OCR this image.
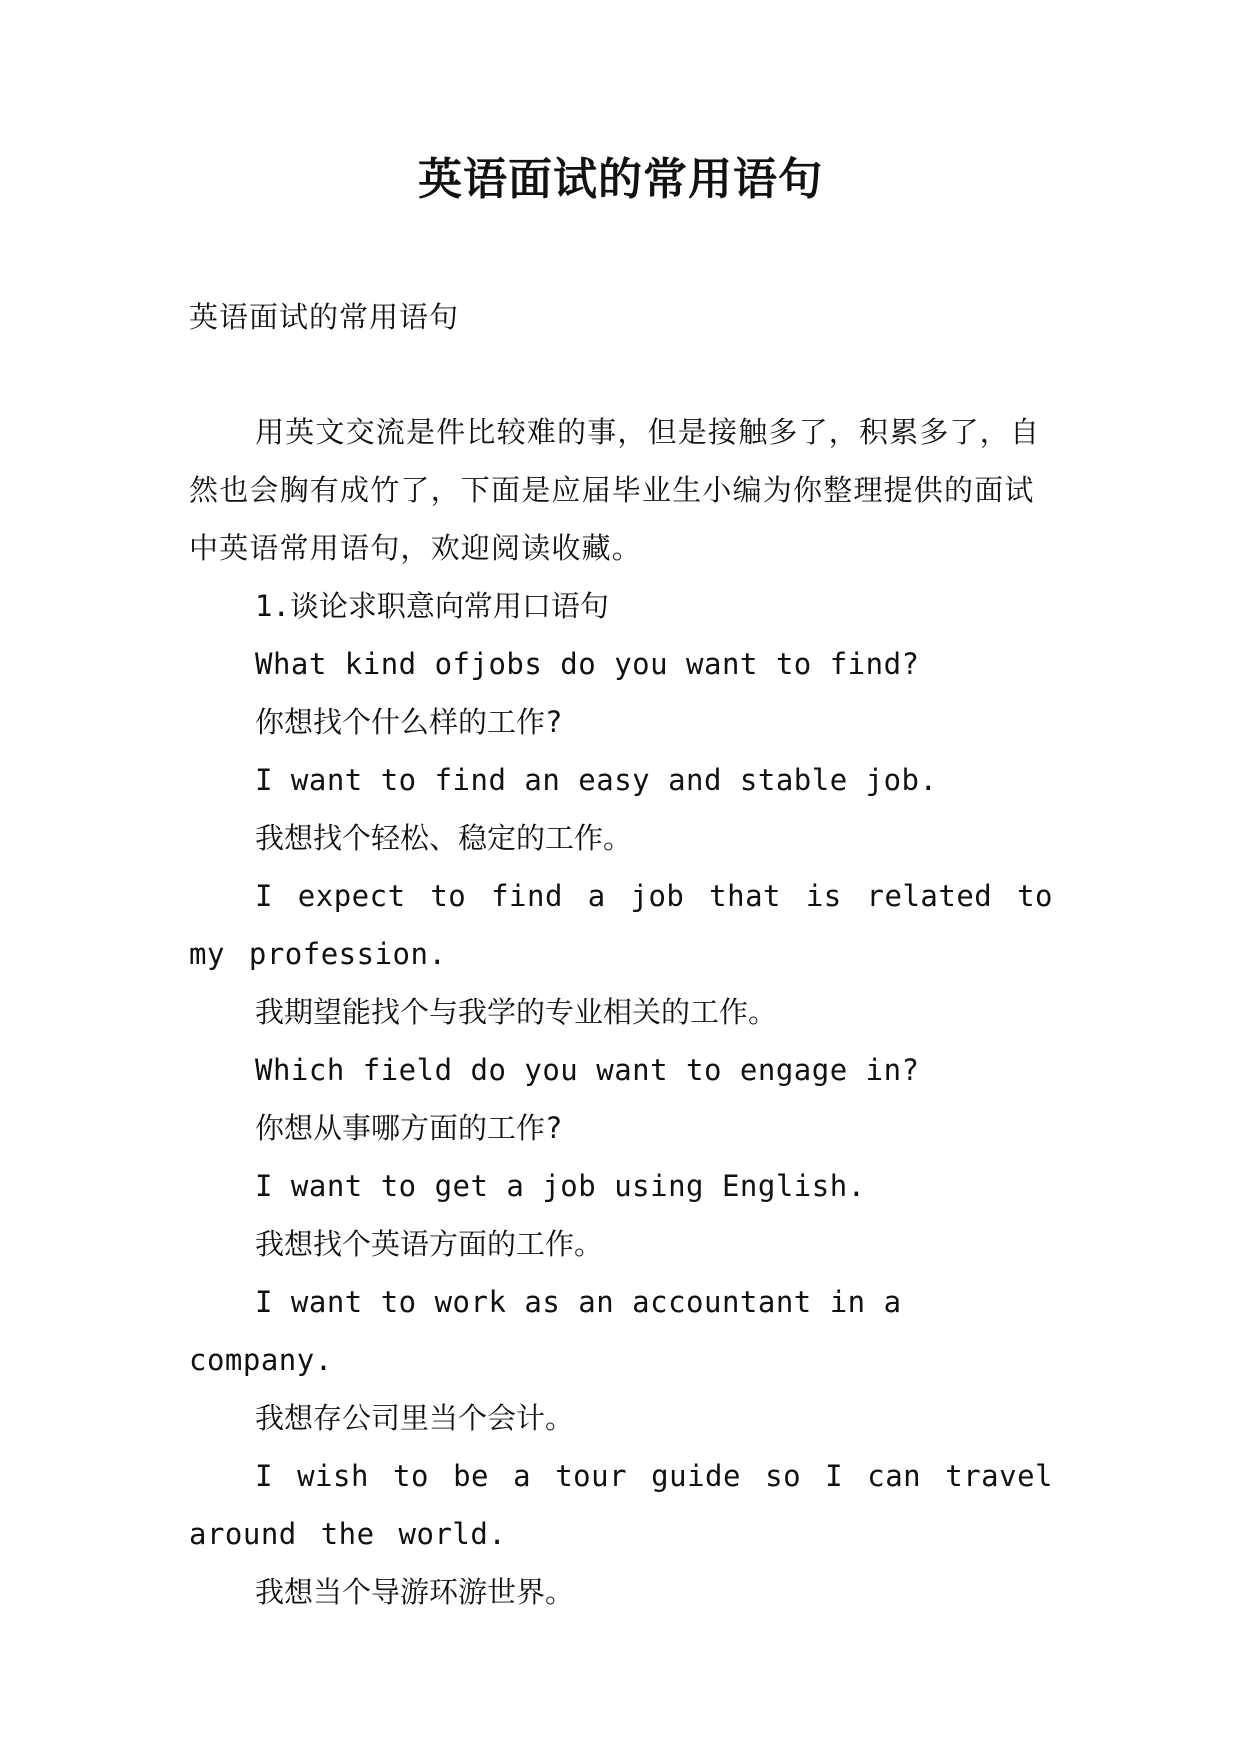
英语面试的常用语句

英语面试的常用语句

用英文交流是件比较难的事，但是接触多了，积累多了，自然也会胸有成竹了，下面是应届毕业生小编为你整理提供的面试中英语常用语句，欢迎阅读收藏。

1.谈论求职意向常用口语句

What kind ofjobs do you want to find?

你想找个什么样的工作?

I want to find an easy and stable job.

我想找个轻松、稳定的工作。

I expect to find a job that is related to my profession.

我期望能找个与我学的专业相关的工作。

Which field do you want to engage in?

你想从事哪方面的工作?

I want to get a job using English.

我想找个英语方面的工作。

I want to work as an accountant in a company.

我想存公司里当个会计。

I wish to be a tour guide so I can travel around the world.

我想当个导游环游世界。
